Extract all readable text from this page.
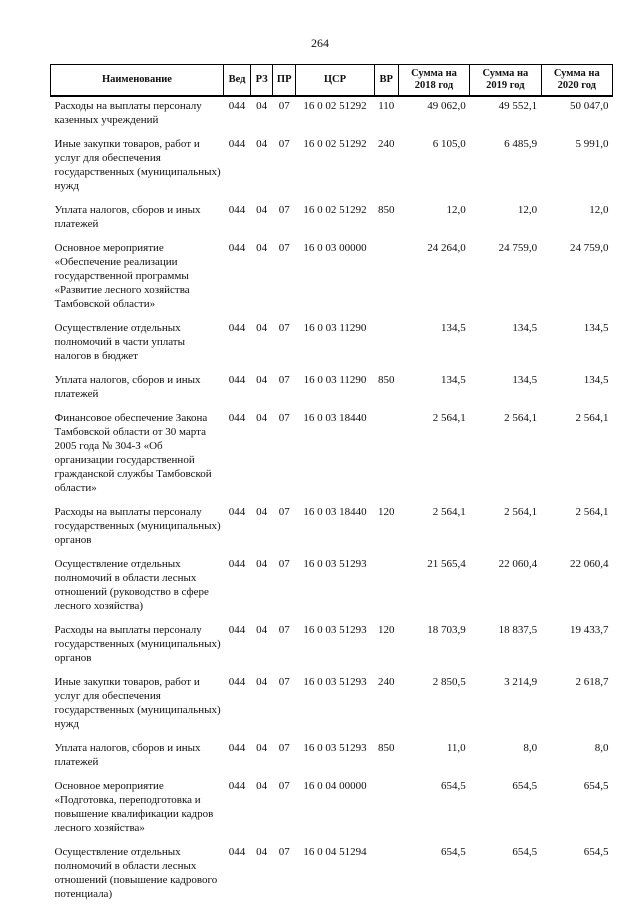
264
Наименование	Вед	РЗ	ПР	ЦСР	ВР	Сумма на 2018 год	Сумма на 2019 год	Сумма на 2020 год
Расходы на выплаты персоналу казенных учреждений	044	04	07	16 0 02 51292	110	49 062,0	49 552,1	50 047,0
Иные закупки товаров, работ и услуг для обеспечения государственных (муниципальных) нужд	044	04	07	16 0 02 51292	240	6 105,0	6 485,9	5 991,0
Уплата налогов, сборов и иных платежей	044	04	07	16 0 02 51292	850	12,0	12,0	12,0
Основное мероприятие «Обеспечение реализации государственной программы «Развитие лесного хозяйства Тамбовской области»	044	04	07	16 0 03 00000		24 264,0	24 759,0	24 759,0
Осуществление отдельных полномочий в части уплаты налогов в бюджет	044	04	07	16 0 03 11290		134,5	134,5	134,5
Уплата налогов, сборов и иных платежей	044	04	07	16 0 03 11290	850	134,5	134,5	134,5
Финансовое обеспечение Закона Тамбовской области от 30 марта 2005 года № 304-З «Об организации государственной гражданской службы Тамбовской области»	044	04	07	16 0 03 18440		2 564,1	2 564,1	2 564,1
Расходы на выплаты персоналу государственных (муниципальных) органов	044	04	07	16 0 03 18440	120	2 564,1	2 564,1	2 564,1
Осуществление отдельных полномочий в области лесных отношений (руководство в сфере лесного хозяйства)	044	04	07	16 0 03 51293		21 565,4	22 060,4	22 060,4
Расходы на выплаты персоналу государственных (муниципальных) органов	044	04	07	16 0 03 51293	120	18 703,9	18 837,5	19 433,7
Иные закупки товаров, работ и услуг для обеспечения государственных (муниципальных) нужд	044	04	07	16 0 03 51293	240	2 850,5	3 214,9	2 618,7
Уплата налогов, сборов и иных платежей	044	04	07	16 0 03 51293	850	11,0	8,0	8,0
Основное мероприятие «Подготовка, переподготовка и повышение квалификации кадров лесного хозяйства»	044	04	07	16 0 04 00000		654,5	654,5	654,5
Осуществление отдельных полномочий в области лесных отношений (повышение кадрового потенциала)	044	04	07	16 0 04 51294		654,5	654,5	654,5
